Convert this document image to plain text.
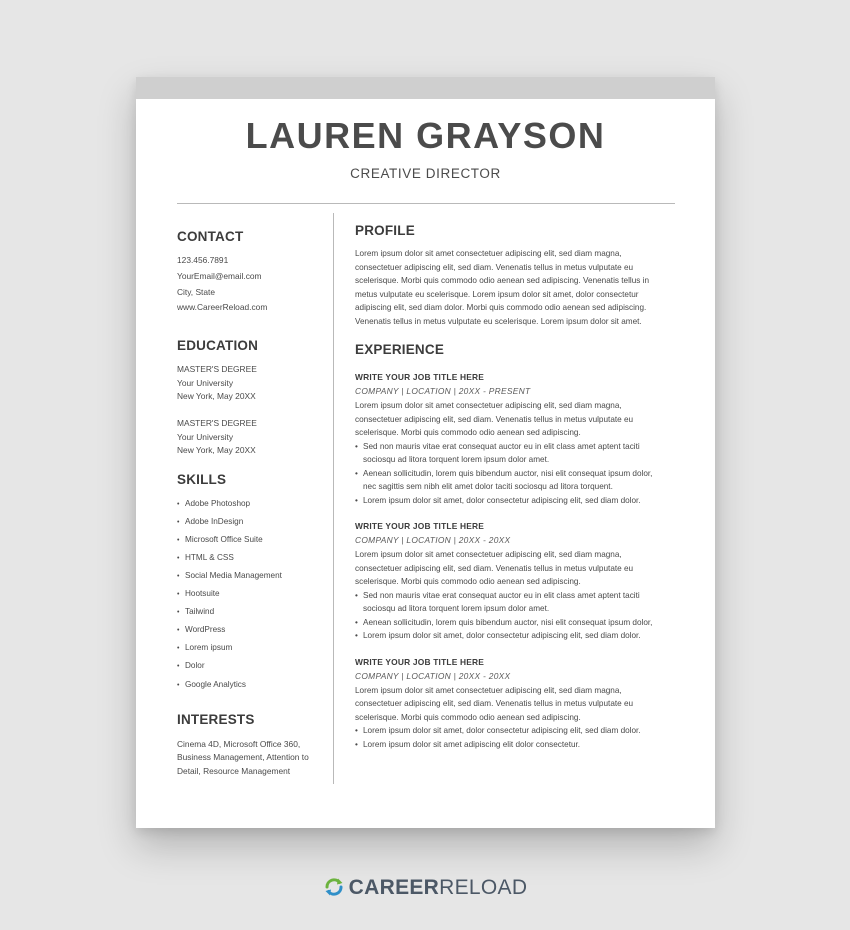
LAUREN GRAYSON
CREATIVE DIRECTOR
CONTACT
123.456.7891
YourEmail@email.com
City, State
www.CareerReload.com
EDUCATION
MASTER'S DEGREE
Your University
New York, May 20XX
MASTER'S DEGREE
Your University
New York, May 20XX
SKILLS
• Adobe Photoshop
• Adobe InDesign
• Microsoft Office Suite
• HTML & CSS
• Social Media Management
• Hootsuite
• Tailwind
• WordPress
• Lorem ipsum
• Dolor
• Google Analytics
INTERESTS
Cinema 4D, Microsoft Office 360,
Business Management, Attention to
Detail, Resource Management
PROFILE
Lorem ipsum dolor sit amet consectetuer adipiscing elit, sed diam magna,
consectetuer adipiscing elit, sed diam. Venenatis tellus in metus vulputate eu
scelerisque. Morbi quis commodo odio aenean sed adipiscing. Venenatis tellus in
metus vulputate eu scelerisque. Lorem ipsum dolor sit amet, dolor consectetur
adipiscing elit, sed diam dolor. Morbi quis commodo odio aenean sed adipiscing.
Venenatis tellus in metus vulputate eu scelerisque. Lorem ipsum dolor sit amet.
EXPERIENCE
WRITE YOUR JOB TITLE HERE
COMPANY | LOCATION | 20XX - PRESENT
Lorem ipsum dolor sit amet consectetuer adipiscing elit, sed diam magna,
consectetuer adipiscing elit, sed diam. Venenatis tellus in metus vulputate eu
scelerisque. Morbi quis commodo odio aenean sed adipiscing.
• Sed non mauris vitae erat consequat auctor eu in elit class amet aptent taciti
sociosqu ad litora torquent lorem ipsum dolor amet.
• Aenean sollicitudin, lorem quis bibendum auctor, nisi elit consequat ipsum dolor,
nec sagittis sem nibh elit amet dolor taciti sociosqu ad litora torquent.
• Lorem ipsum dolor sit amet, dolor consectetur adipiscing elit, sed diam dolor.
WRITE YOUR JOB TITLE HERE
COMPANY | LOCATION | 20XX - 20XX
Lorem ipsum dolor sit amet consectetuer adipiscing elit, sed diam magna,
consectetuer adipiscing elit, sed diam. Venenatis tellus in metus vulputate eu
scelerisque. Morbi quis commodo odio aenean sed adipiscing.
• Sed non mauris vitae erat consequat auctor eu in elit class amet aptent taciti
sociosqu ad litora torquent lorem ipsum dolor amet.
• Aenean sollicitudin, lorem quis bibendum auctor, nisi elit consequat ipsum dolor,
• Lorem ipsum dolor sit amet, dolor consectetur adipiscing elit, sed diam dolor.
WRITE YOUR JOB TITLE HERE
COMPANY | LOCATION | 20XX - 20XX
Lorem ipsum dolor sit amet consectetuer adipiscing elit, sed diam magna,
consectetuer adipiscing elit, sed diam. Venenatis tellus in metus vulputate eu
scelerisque. Morbi quis commodo odio aenean sed adipiscing.
• Lorem ipsum dolor sit amet, dolor consectetur adipiscing elit, sed diam dolor.
• Lorem ipsum dolor sit amet adipiscing elit dolor consectetur.
CAREERRELOAD
